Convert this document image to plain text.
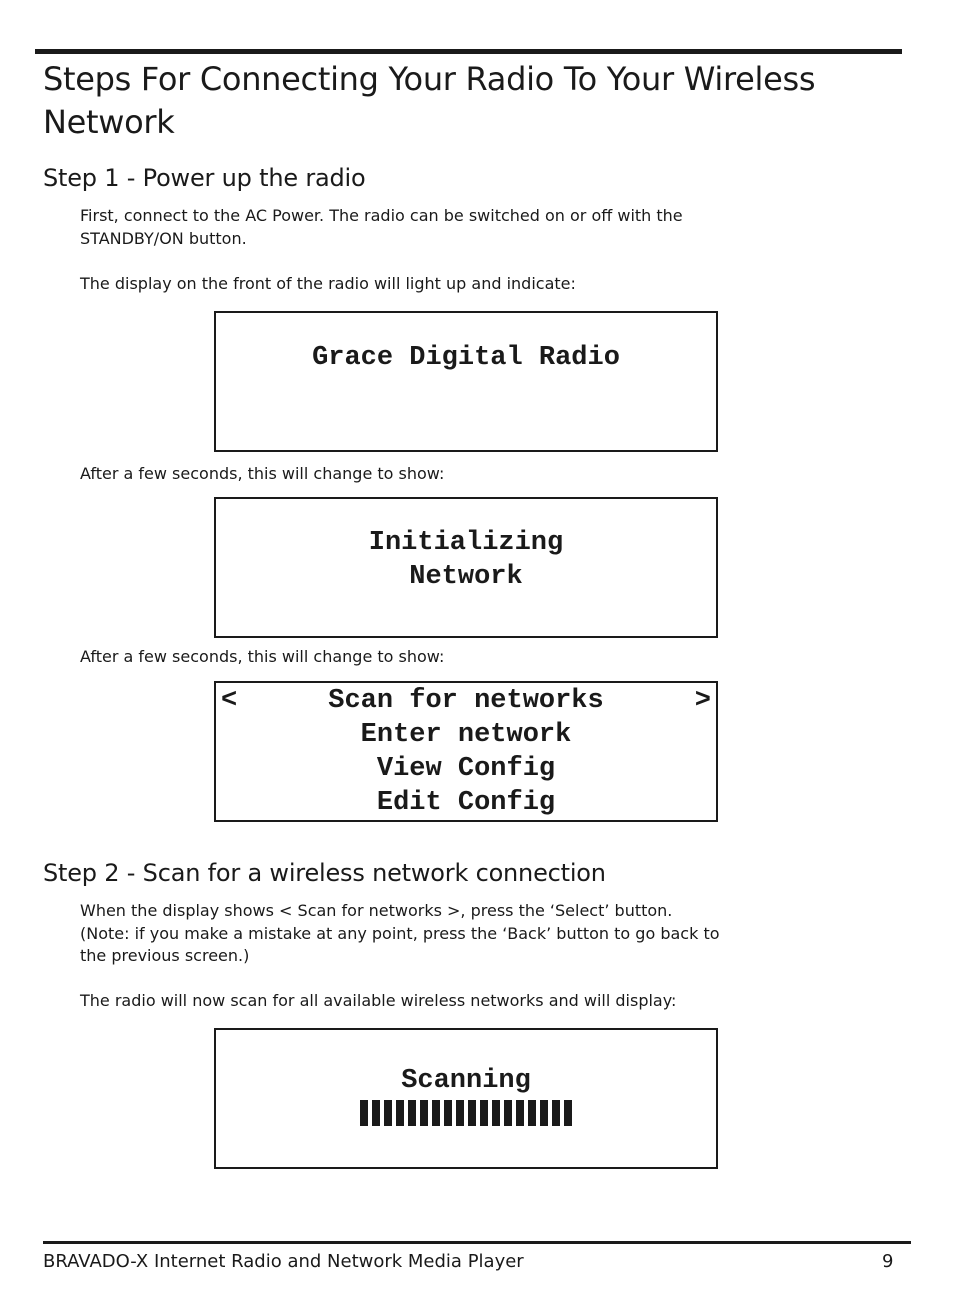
Steps For Connecting Your Radio To Your Wireless Network
Step 1 - Power up the radio

First, connect to the AC Power. The radio can be switched on or off with the STANDBY/ON button.

The display on the front of the radio will light up and indicate:

Grace Digital Radio

After a few seconds, this will change to show:

Initializing
Network

After a few seconds, this will change to show:

<	>
Scan for networks
Enter network
View Config
Edit Config
Step 2 - Scan for a wireless network connection

When the display shows < Scan for networks >, press the ‘Select’ button.
(Note: if you make a mistake at any point, press the ‘Back’ button to go back to the previous screen.)

The radio will now scan for all available wireless networks and will display:

Scanning
BRAVADO-X Internet Radio and Network Media Player	9
